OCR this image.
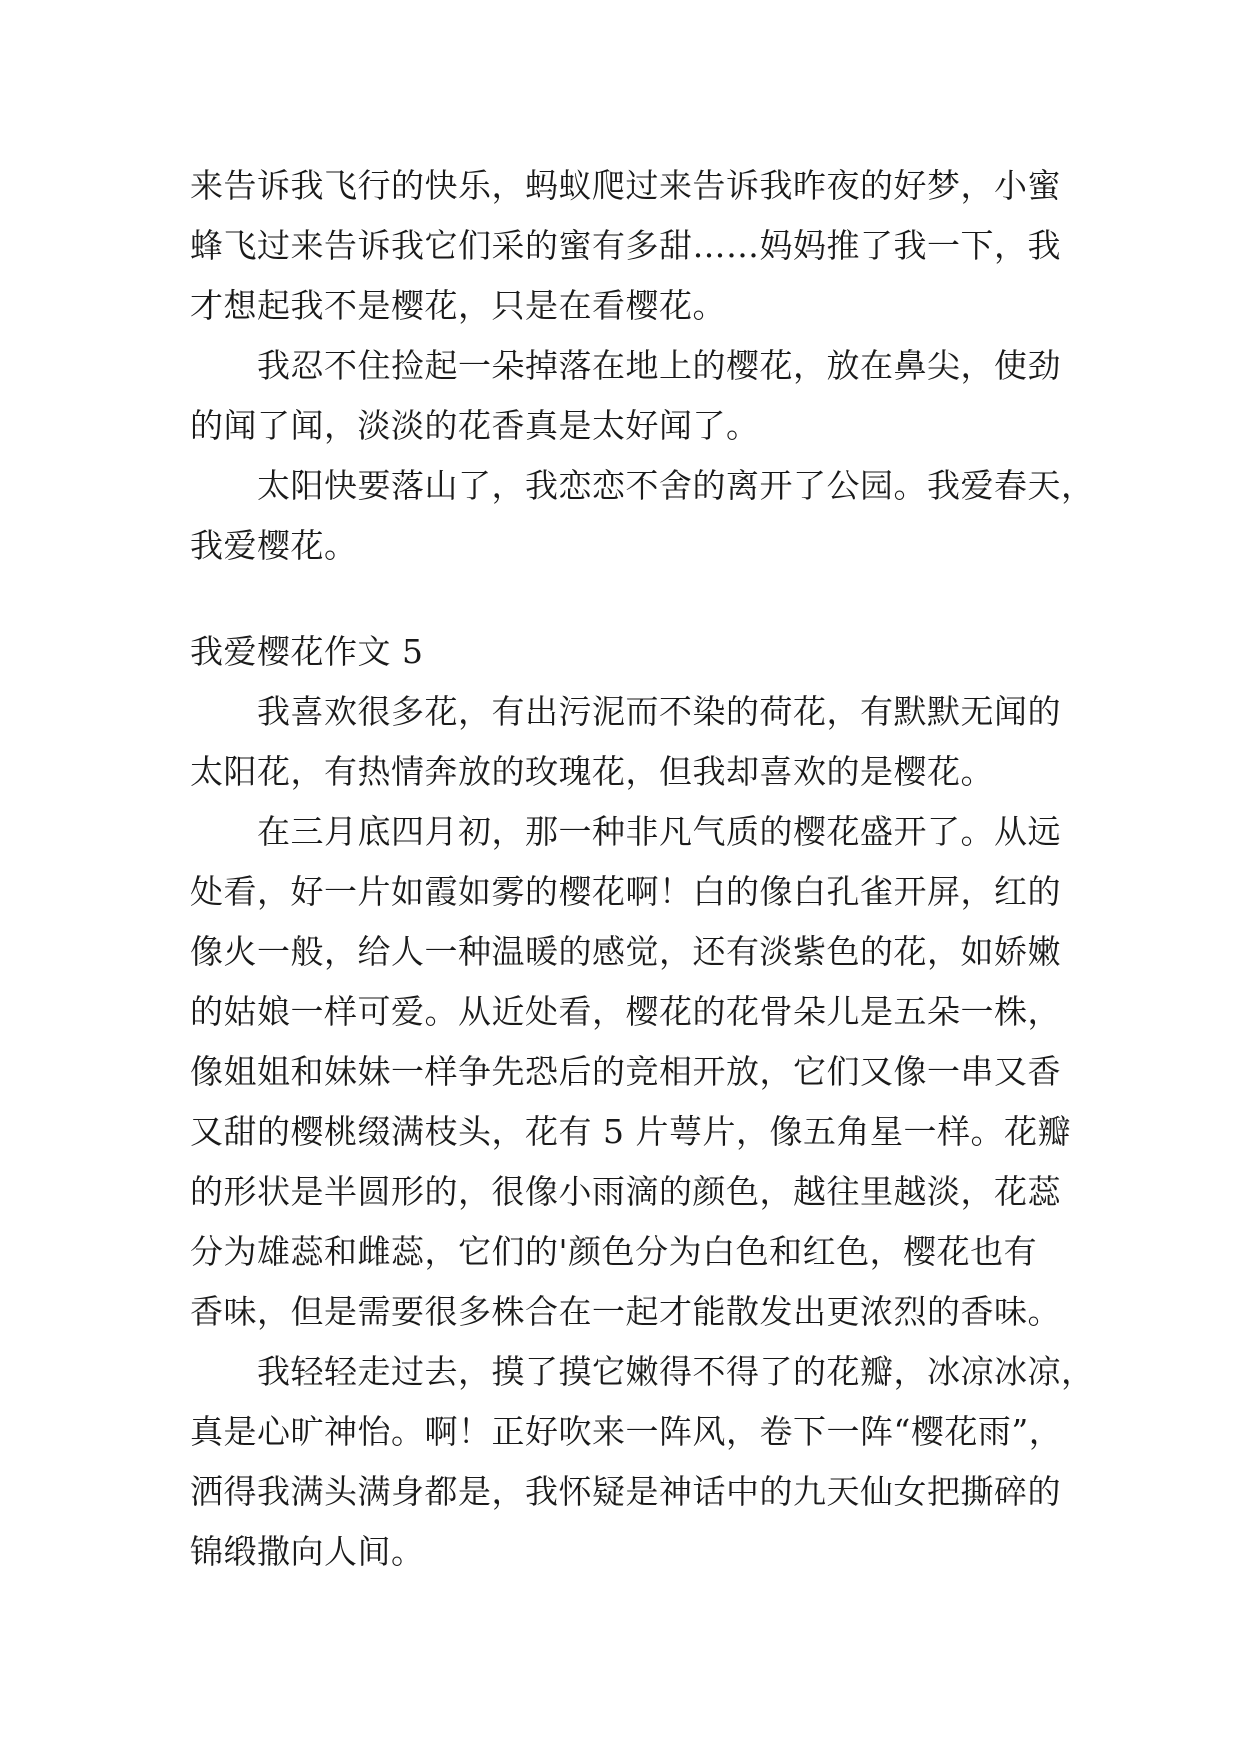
来告诉我飞行的快乐，蚂蚁爬过来告诉我昨夜的好梦，小蜜
蜂飞过来告诉我它们采的蜜有多甜……妈妈推了我一下，我
才想起我不是樱花，只是在看樱花。
我忍不住捡起一朵掉落在地上的樱花，放在鼻尖，使劲
的闻了闻，淡淡的花香真是太好闻了。
太阳快要落山了，我恋恋不舍的离开了公园。我爱春天，
我爱樱花。
我爱樱花作文 5
我喜欢很多花，有出污泥而不染的荷花，有默默无闻的
太阳花，有热情奔放的玫瑰花，但我却喜欢的是樱花。
在三月底四月初，那一种非凡气质的樱花盛开了。从远
处看，好一片如霞如雾的樱花啊！白的像白孔雀开屏，红的
像火一般，给人一种温暖的感觉，还有淡紫色的花，如娇嫩
的姑娘一样可爱。从近处看，樱花的花骨朵儿是五朵一株，
像姐姐和妹妹一样争先恐后的竞相开放，它们又像一串又香
又甜的樱桃缀满枝头，花有 5 片萼片，像五角星一样。花瓣
的形状是半圆形的，很像小雨滴的颜色，越往里越淡，花蕊
分为雄蕊和雌蕊，它们的'颜色分为白色和红色，樱花也有
香味，但是需要很多株合在一起才能散发出更浓烈的香味。
我轻轻走过去，摸了摸它嫩得不得了的花瓣，冰凉冰凉，
真是心旷神怡。啊！正好吹来一阵风，卷下一阵“樱花雨”，
洒得我满头满身都是，我怀疑是神话中的九天仙女把撕碎的
锦缎撒向人间。
